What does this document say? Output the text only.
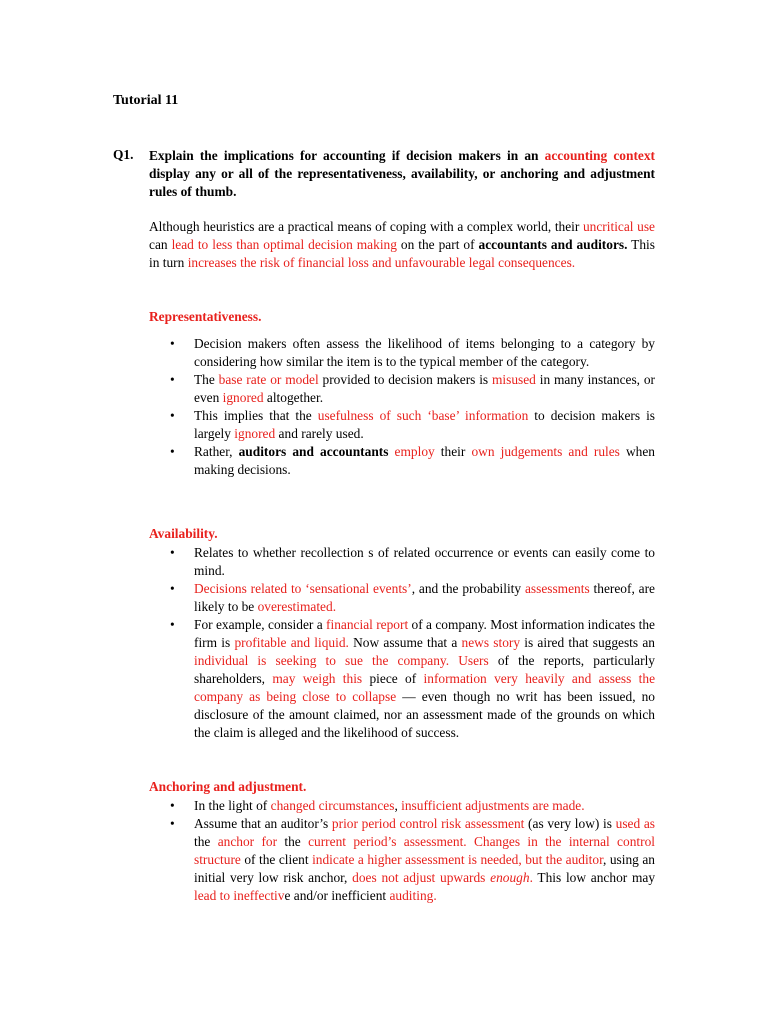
Tutorial 11
Q1. Explain the implications for accounting if decision makers in an accounting context display any or all of the representativeness, availability, or anchoring and adjustment rules of thumb.
Although heuristics are a practical means of coping with a complex world, their uncritical use can lead to less than optimal decision making on the part of accountants and auditors. This in turn increases the risk of financial loss and unfavourable legal consequences.
Representativeness.
• Decision makers often assess the likelihood of items belonging to a category by considering how similar the item is to the typical member of the category.
• The base rate or model provided to decision makers is misused in many instances, or even ignored altogether.
• This implies that the usefulness of such ‘base’ information to decision makers is largely ignored and rarely used.
• Rather, auditors and accountants employ their own judgements and rules when making decisions.
Availability.
• Relates to whether recollection s of related occurrence or events can easily come to mind.
• Decisions related to ‘sensational events’, and the probability assessments thereof, are likely to be overestimated.
• For example, consider a financial report of a company. Most information indicates the firm is profitable and liquid. Now assume that a news story is aired that suggests an individual is seeking to sue the company. Users of the reports, particularly shareholders, may weigh this piece of information very heavily and assess the company as being close to collapse — even though no writ has been issued, no disclosure of the amount claimed, nor an assessment made of the grounds on which the claim is alleged and the likelihood of success.
Anchoring and adjustment.
• In the light of changed circumstances, insufficient adjustments are made.
• Assume that an auditor’s prior period control risk assessment (as very low) is used as the anchor for the current period’s assessment. Changes in the internal control structure of the client indicate a higher assessment is needed, but the auditor, using an initial very low risk anchor, does not adjust upwards enough. This low anchor may lead to ineffective and/or inefficient auditing.
